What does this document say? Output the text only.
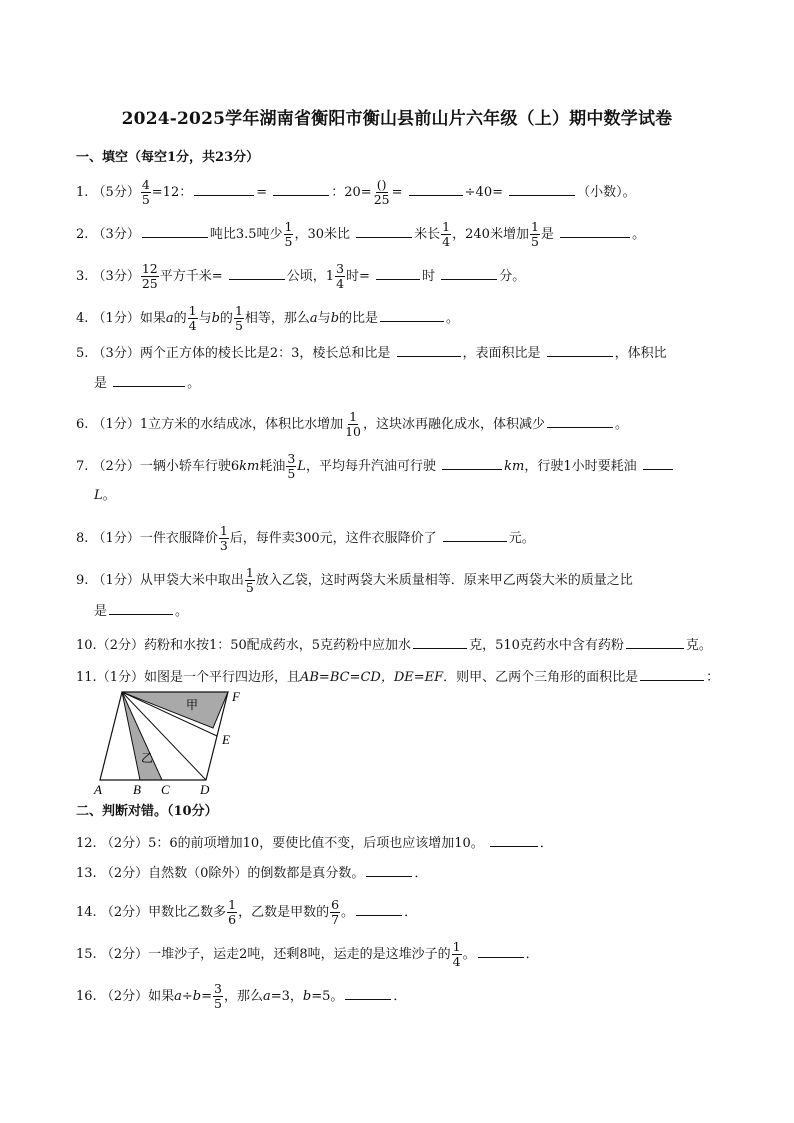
2024-2025学年湖南省衡阳市衡山县前山片六年级（上）期中数学试卷
一、填空（每空1分，共23分）
1. （5分） $\frac{4}{5} =12$：	=	：$20= \frac{()}{25}$ =	÷40=	（小数）。
2. （3分）	吨比3.5吨少 $\frac{1}{5}$ ，30米比	米长 $\frac{1}{4}$ ，240米增加 $\frac{1}{5}$ 是	。
3. （3分） $\frac{12}{25}$ 平方千米=	公顷，$1 \frac{3}{4}$ 时=	时	分。
4. （1分）如果a的 $\frac{1}{4}$ 与b的 $\frac{1}{5}$ 相等，那么a与b的比是	。
5. （3分）两个正方体的棱长比是2：3，棱长总和比是	，表面积比是	，体积比
是	。
6. （1分）1立方米的水结成冰，体积比水增加 $\frac{1}{10}$ ，这块冰再融化成水，体积减少	。
7. （2分）一辆小轿车行驶6km耗油 $\frac{3}{5}$ L，平均每升汽油可行驶	km，行驶1小时要耗油
L。
8. （1分）一件衣服降价 $\frac{1}{3}$ 后，每件卖300元，这件衣服降价了	元。
9. （1分）从甲袋大米中取出 $\frac{1}{5}$ 放入乙袋，这时两袋大米质量相等．原来甲乙两袋大米的质量之比
是	。
10.（2分）药粉和水按1：50配成药水，5克药粉中应加水	克，510克药水中含有药粉	克。
11.（1分）如图是一个平行四边形，且AB=BC=CD，DE=EF．则甲、乙两个三角形的面积比是	：
A B C D
E
F
甲
乙
二、判断对错。（10分）
12. （2分）5：6的前项增加10，要使比值不变，后项也应该增加10。	．
13. （2分）自然数（0除外）的倒数都是真分数。	．
14. （2分）甲数比乙数多 $\frac{1}{6}$ ，乙数是甲数的 $\frac{6}{7}$ 。	．
15. （2分）一堆沙子，运走2吨，还剩8吨，运走的是这堆沙子的 $\frac{1}{4}$ 。	．
16. （2分）如果$a\div b= \frac{3}{5}$ ，那么a=3，b=5。	．
